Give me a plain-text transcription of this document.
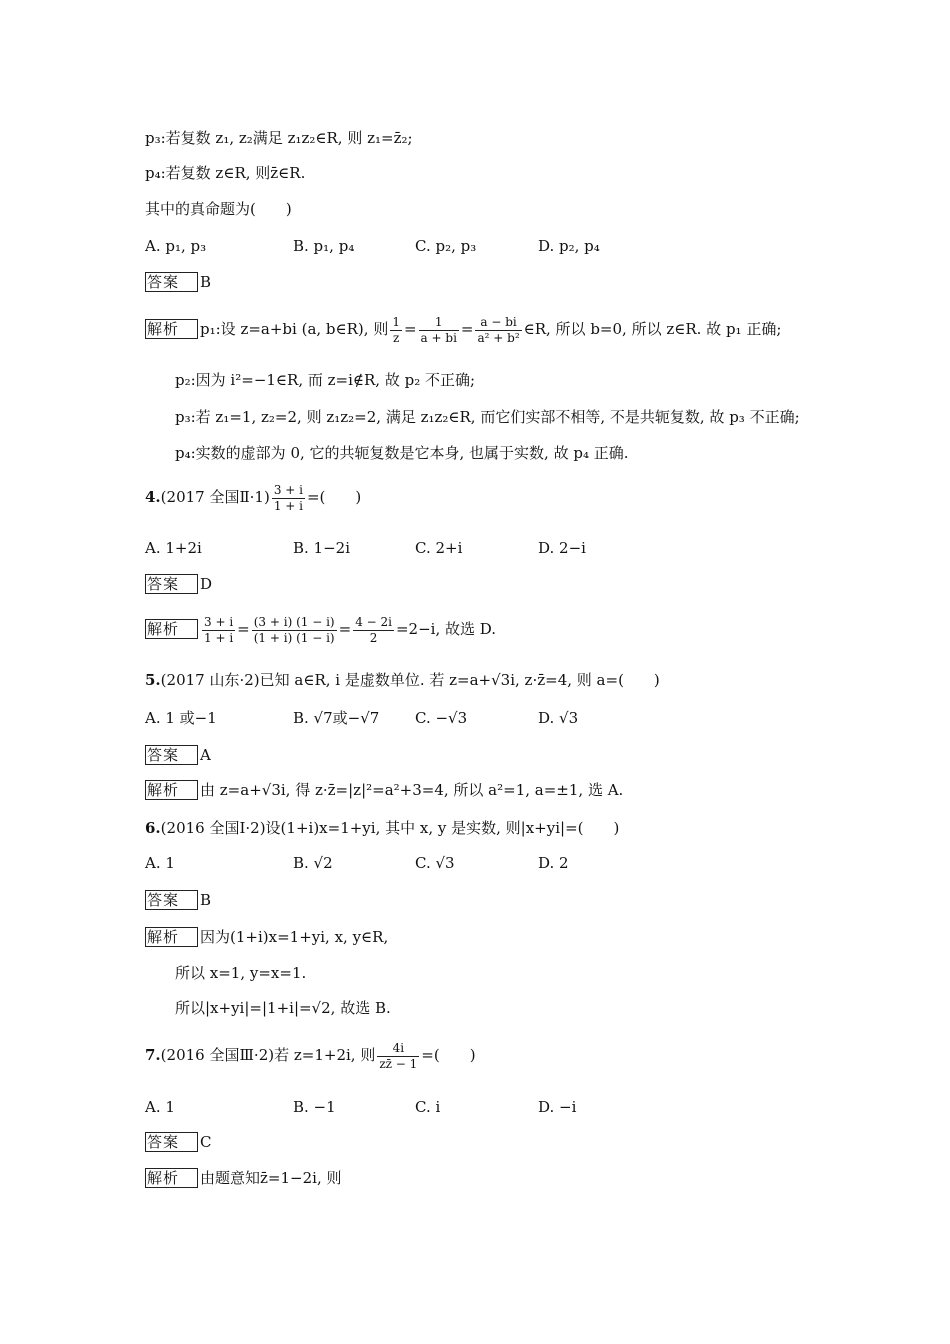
p₃:若复数 z₁, z₂满足 z₁z₂∈R, 则 z₁=z̄₂;
p₄:若复数 z∈R, 则z̄∈R.
其中的真命题为(　　)
A. p₁, p₃	B. p₁, p₄	C. p₂, p₃	D. p₂, p₄
答案 B
解析 p₁:设 z=a+bi (a, b∈R), 则 $\frac{1}{z} = \frac{1}{a + bi} = \frac{a - bi}{\text{a² + b²}}$ ∈R, 所以 b=0, 所以 z∈R. 故 p₁ 正确;
p₂:因为 i²=−1∈R, 而 z=i∉R, 故 p₂ 不正确;
p₃:若 z₁=1, z₂=2, 则 z₁z₂=2, 满足 z₁z₂∈R, 而它们实部不相等, 不是共轭复数, 故 p₃ 不正确;
p₄:实数的虚部为 0, 它的共轭复数是它本身, 也属于实数, 故 p₄ 正确.
4.(2017 全国Ⅱ·1) $\frac{3 + i}{1 + i}$ =(　　)
A. 1+2i	B. 1−2i	C. 2+i	D. 2−i
答案 D
解析 $\frac{3 + i}{1 + i} = \frac{(3 + i) (1 - i)}{(1 + i) (1 - i)} = \frac{4 - 2i}{2} =2-i$, 故选 D.
5.(2017 山东·2)已知 a∈R, i 是虚数单位. 若 z=a+√3i, z·z̄=4, 则 a=(　　)
A. 1 或−1	B. √7或−√7 C. −√3	D. √3
答案 A
解析 由 z=a+√3i, 得 z·z̄=|z|²=a²+3=4, 所以 a²=1, a=±1, 选 A.
6.(2016 全国Ⅰ·2)设(1+i)x=1+yi, 其中 x, y 是实数, 则|x+yi|=(　　)
A. 1	B. √2	C. √3	D. 2
答案 B
解析 因为(1+i)x=1+yi, x, y∈R,
所以 x=1, y=x=1.
所以|x+yi|=|1+i|=√2, 故选 B.
7.(2016 全国Ⅲ·2)若 z=1+2i, 则 $\frac{4i}{zz̄ - 1}$ =(　　)
A. 1	B. −1	C. i	D. −i
答案 C
解析 由题意知z̄=1−2i, 则
